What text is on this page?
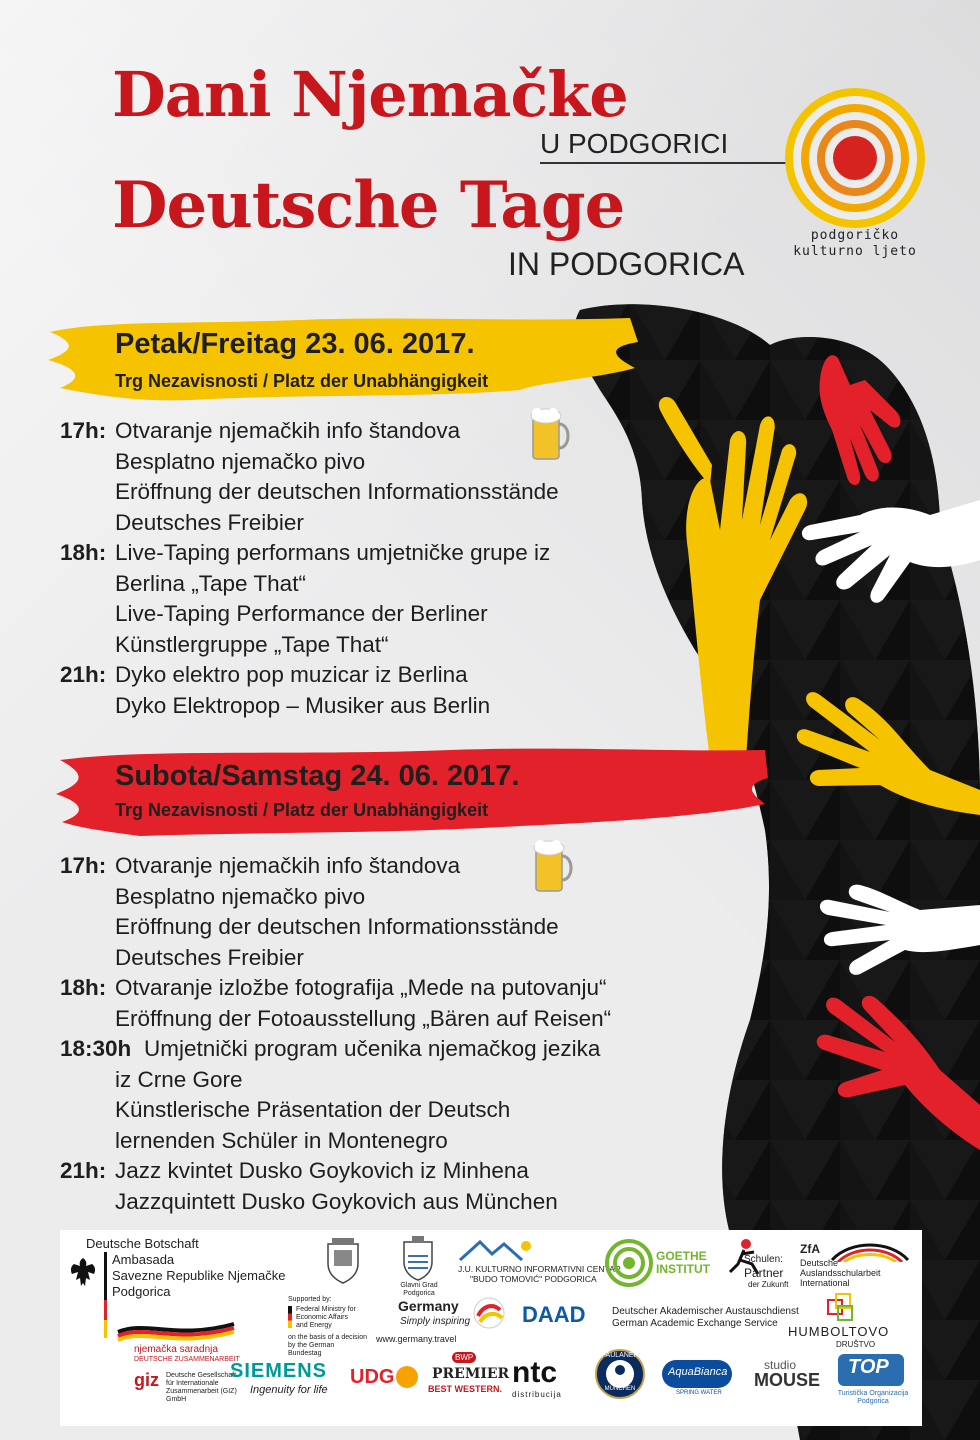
Dani Njemačke
U PODGORICI
Deutsche Tage
IN PODGORICA
podgoričko
kulturno ljeto
Petak/Freitag 23. 06. 2017.
Trg Nezavisnosti / Platz der Unabhängigkeit
17h: Otvaranje njemačkih info štandova
Besplatno njemačko pivo
Eröffnung der deutschen Informationsstände
Deutsches Freibier
18h: Live-Taping performans umjetničke grupe iz
Berlina „Tape That“
Live-Taping Performance der Berliner
Künstlergruppe „Tape That“
21h: Dyko elektro pop muzicar iz Berlina
Dyko Elektropop – Musiker aus Berlin
Subota/Samstag 24. 06. 2017.
Trg Nezavisnosti / Platz der Unabhängigkeit
17h: Otvaranje njemačkih info štandova
Besplatno njemačko pivo
Eröffnung der deutschen Informationsstände
Deutsches Freibier
18h: Otvaranje izložbe fotografija „Mede na putovanju“
Eröffnung der Fotoausstellung „Bären auf Reisen“
18:30h Umjetnički program učenika njemačkog jezika
iz Crne Gore
Künstlerische Präsentation der Deutsch
lernenden Schüler in Montenegro
21h: Jazz kvintet Dusko Goykovich iz Minhena
Jazzquintett Dusko Goykovich aus München
Deutsche Botschaft
Ambasada
Savezne Republike Njemačke
Podgorica
njemačka saradnja
DEUTSCHE ZUSAMMENARBEIT
giz Deutsche Gesellschaft für Internationale Zusammenarbeit (GIZ) GmbH
Supported by:
Federal Ministry for Economic Affairs and Energy
on the basis of a decision by the German Bundestag
Glavni Grad Podgorica
J.U. KULTURNO INFORMATIVNI CENTAR
"BUDO TOMOVIĆ" PODGORICA
GOETHE INSTITUT
Schulen:
Partner
der Zukunft
ZfA
Deutsche Auslandsschularbeit International
Germany
Simply inspiring
www.germany.travel
DAAD	Deutscher Akademischer Austauschdienst
German Academic Exchange Service
HUMBOLTOVO
DRUŠTVO
SIEMENS
Ingenuity for life
UDG
BWP
PREMIER
BEST WESTERN. ntc
distribucija
PAULANER
MÜNCHEN
AquaBianca
SPRING WATER
studio
MOUSE
TOP
Turistička Organizacija Podgorica
